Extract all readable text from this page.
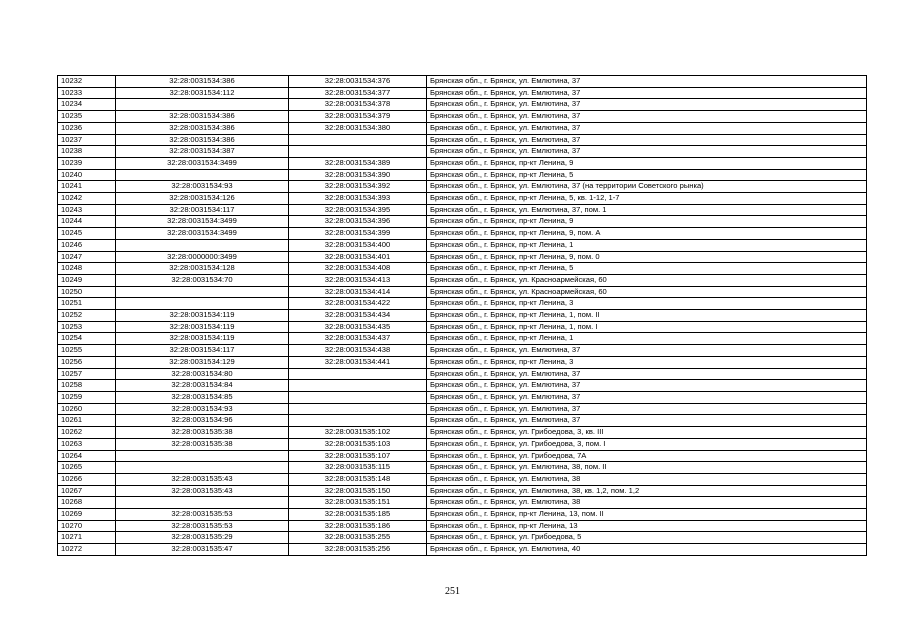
10232	32:28:0031534:386	32:28:0031534:376	Брянская обл., г. Брянск, ул. Емлютина, 37
10233	32:28:0031534:112	32:28:0031534:377	Брянская обл., г. Брянск, ул. Емлютина, 37
10234		32:28:0031534:378	Брянская обл., г. Брянск, ул. Емлютина, 37
10235	32:28:0031534:386	32:28:0031534:379	Брянская обл., г. Брянск, ул. Емлютина, 37
10236	32:28:0031534:386	32:28:0031534:380	Брянская обл., г. Брянск, ул. Емлютина, 37
10237	32:28:0031534:386		Брянская обл., г. Брянск, ул. Емлютина, 37
10238	32:28:0031534:387		Брянская обл., г. Брянск, ул. Емлютина, 37
10239	32:28:0031534:3499	32:28:0031534:389	Брянская обл., г. Брянск, пр-кт Ленина, 9
10240		32:28:0031534:390	Брянская обл., г. Брянск, пр-кт Ленина, 5
10241	32:28:0031534:93	32:28:0031534:392	Брянская обл., г. Брянск, ул. Емлютина, 37 (на территории Советского рынка)
10242	32:28:0031534:126	32:28:0031534:393	Брянская обл., г. Брянск, пр-кт Ленина, 5, кв. 1-12, 1-7
10243	32:28:0031534:117	32:28:0031534:395	Брянская обл., г. Брянск, ул. Емлютина, 37, пом. 1
10244	32:28:0031534:3499	32:28:0031534:396	Брянская обл., г. Брянск, пр-кт Ленина, 9
10245	32:28:0031534:3499	32:28:0031534:399	Брянская обл., г. Брянск, пр-кт Ленина, 9, пом. А
10246		32:28:0031534:400	Брянская обл., г. Брянск, пр-кт Ленина, 1
10247	32:28:0000000:3499	32:28:0031534:401	Брянская обл., г. Брянск, пр-кт Ленина, 9, пом. 0
10248	32:28:0031534:128	32:28:0031534:408	Брянская обл., г. Брянск, пр-кт Ленина, 5
10249	32:28:0031534:70	32:28:0031534:413	Брянская обл., г. Брянск, ул. Красноармейская, 60
10250		32:28:0031534:414	Брянская обл., г. Брянск, ул. Красноармейская, 60
10251		32:28:0031534:422	Брянская обл., г. Брянск, пр-кт Ленина, 3
10252	32:28:0031534:119	32:28:0031534:434	Брянская обл., г. Брянск, пр-кт Ленина, 1, пом. II
10253	32:28:0031534:119	32:28:0031534:435	Брянская обл., г. Брянск, пр-кт Ленина, 1, пом. I
10254	32:28:0031534:119	32:28:0031534:437	Брянская обл., г. Брянск, пр-кт Ленина, 1
10255	32:28:0031534:117	32:28:0031534:438	Брянская обл., г. Брянск, ул. Емлютина, 37
10256	32:28:0031534:129	32:28:0031534:441	Брянская обл., г. Брянск, пр-кт Ленина, 3
10257	32:28:0031534:80		Брянская обл., г. Брянск, ул. Емлютина, 37
10258	32:28:0031534:84		Брянская обл., г. Брянск, ул. Емлютина, 37
10259	32:28:0031534:85		Брянская обл., г. Брянск, ул. Емлютина, 37
10260	32:28:0031534:93		Брянская обл., г. Брянск, ул. Емлютина, 37
10261	32:28:0031534:96		Брянская обл., г. Брянск, ул. Емлютина, 37
10262	32:28:0031535:38	32:28:0031535:102	Брянская обл., г. Брянск, ул. Грибоедова, 3, кв. III
10263	32:28:0031535:38	32:28:0031535:103	Брянская обл., г. Брянск, ул. Грибоедова, 3, пом. I
10264		32:28:0031535:107	Брянская обл., г. Брянск, ул. Грибоедова, 7А
10265		32:28:0031535:115	Брянская обл., г. Брянск, ул. Емлютина, 38, пом. II
10266	32:28:0031535:43	32:28:0031535:148	Брянская обл., г. Брянск, ул. Емлютина, 38
10267	32:28:0031535:43	32:28:0031535:150	Брянская обл., г. Брянск, ул. Емлютина, 38, кв. 1,2, пом. 1,2
10268		32:28:0031535:151	Брянская обл., г. Брянск, ул. Емлютина, 38
10269	32:28:0031535:53	32:28:0031535:185	Брянская обл., г. Брянск, пр-кт Ленина, 13, пом. II
10270	32:28:0031535:53	32:28:0031535:186	Брянская обл., г. Брянск, пр-кт Ленина, 13
10271	32:28:0031535:29	32:28:0031535:255	Брянская обл., г. Брянск, ул. Грибоедова, 5
10272	32:28:0031535:47	32:28:0031535:256	Брянская обл., г. Брянск, ул. Емлютина, 40
251
